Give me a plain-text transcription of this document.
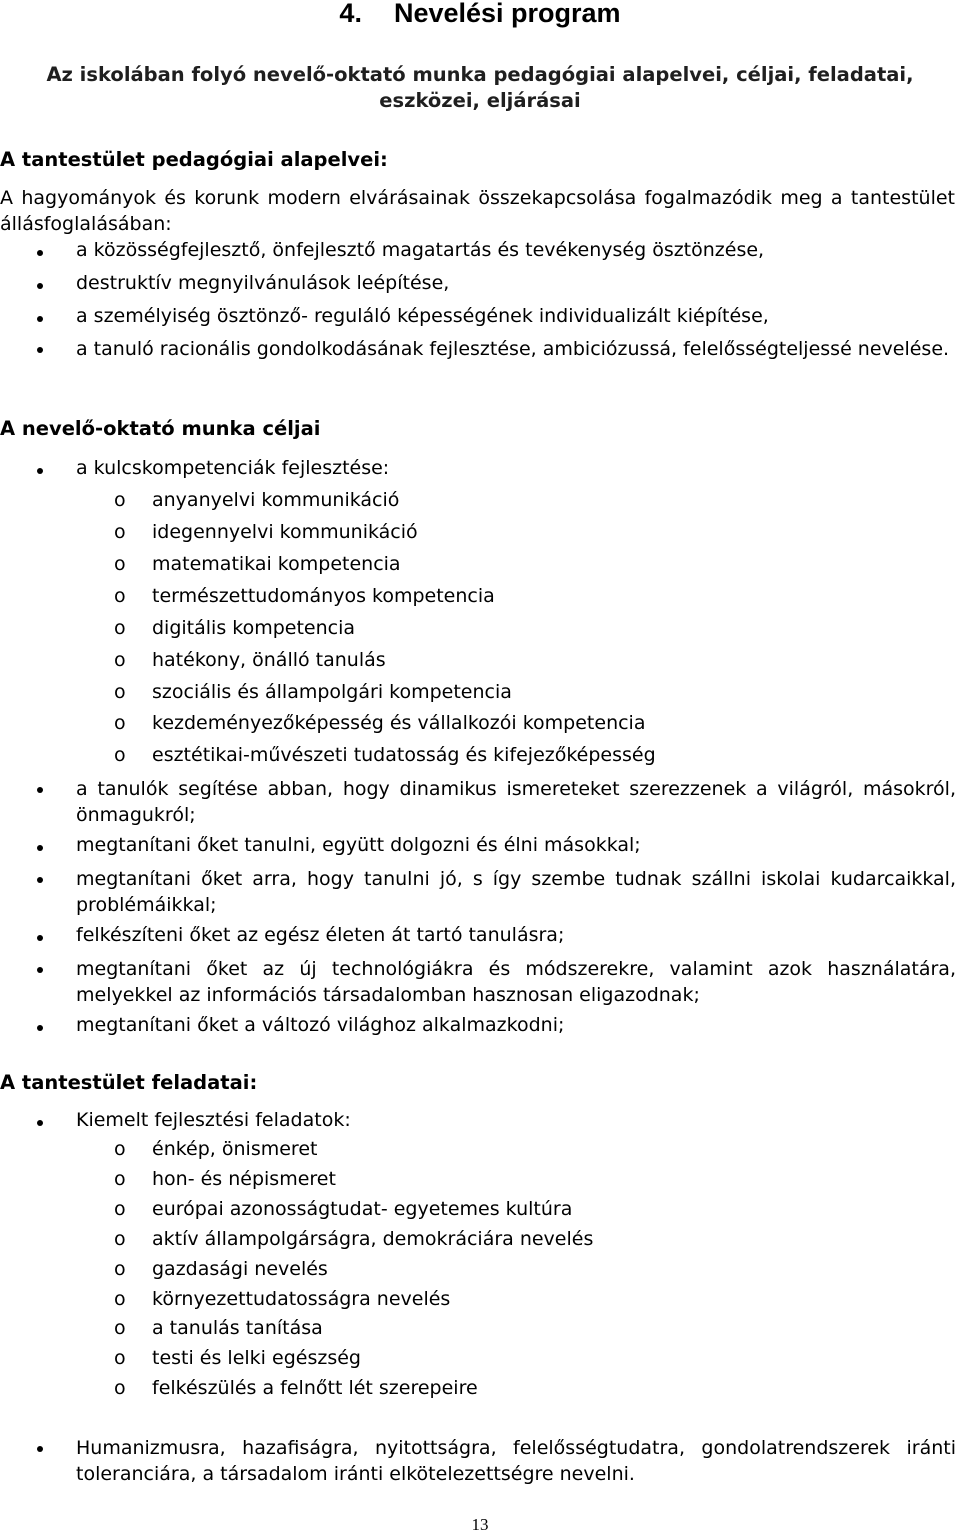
4. Nevelési program
Az iskolában folyó nevelő-oktató munka pedagógiai alapelvei, céljai, feladatai,
eszközei, eljárásai
A tantestület pedagógiai alapelvei:
A hagyományok és korunk modern elvárásainak összekapcsolása fogalmazódik meg a tantestület állásfoglalásában:
a közösségfejlesztő, önfejlesztő magatartás és tevékenység ösztönzése,
destruktív megnyilvánulások leépítése,
a személyiség ösztönző- reguláló képességének individualizált kiépítése,
a tanuló racionális gondolkodásának fejlesztése, ambiciózussá, felelősségteljessé nevelése.
A nevelő-oktató munka céljai
a kulcskompetenciák fejlesztése:
o anyanyelvi kommunikáció
o idegennyelvi kommunikáció
o matematikai kompetencia
o természettudományos kompetencia
o digitális kompetencia
o hatékony, önálló tanulás
o szociális és állampolgári kompetencia
o kezdeményezőképesség és vállalkozói kompetencia
o esztétikai-művészeti tudatosság és kifejezőképesség
a tanulók segítése abban, hogy dinamikus ismereteket szerezzenek a világról, másokról, önmagukról;
megtanítani őket tanulni, együtt dolgozni és élni másokkal;
megtanítani őket arra, hogy tanulni jó, s így szembe tudnak szállni iskolai kudarcaikkal, problémáikkal;
felkészíteni őket az egész életen át tartó tanulásra;
megtanítani őket az új technológiákra és módszerekre, valamint azok használatára, melyekkel az információs társadalomban hasznosan eligazodnak;
megtanítani őket a változó világhoz alkalmazkodni;
A tantestület feladatai:
Kiemelt fejlesztési feladatok:
o énkép, önismeret
o hon- és népismeret
o európai azonosságtudat- egyetemes kultúra
o aktív állampolgárságra, demokráciára nevelés
o gazdasági nevelés
o környezettudatosságra nevelés
o a tanulás tanítása
o testi és lelki egészség
o felkészülés a felnőtt lét szerepeire
Humanizmusra, hazafiságra, nyitottságra, felelősségtudatra, gondolatrendszerek iránti toleranciára, a társadalom iránti elkötelezettségre nevelni.
13
